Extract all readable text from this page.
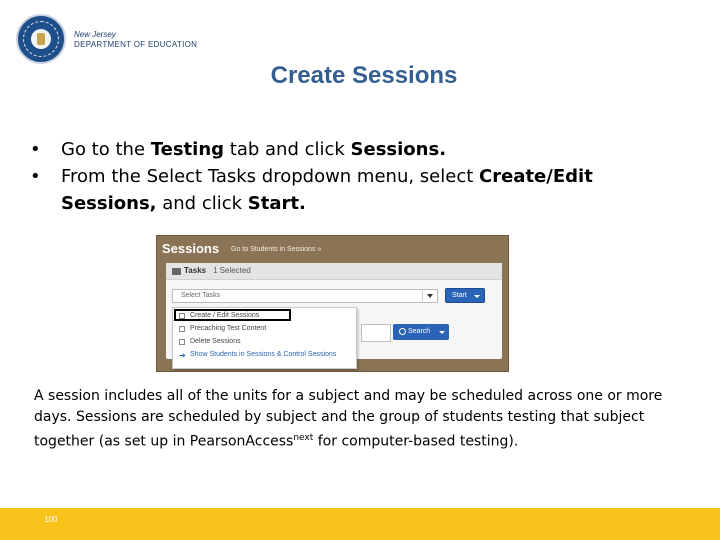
New Jersey
DEPARTMENT OF EDUCATION
Create Sessions
• Go to the Testing tab and click Sessions.
• From the Select Tasks dropdown menu, select Create/Edit Sessions, and click Start.
Sessions Go to Students in Sessions »
Tasks 1 Selected
Select Tasks	Start
Search
Create / Edit Sessions
Precaching Test Content
Delete Sessions
➔ Show Students in Sessions & Control Sessions

A session includes all of the units for a subject and may be scheduled across one or more days. Sessions are scheduled by subject and the group of students testing that subject together (as set up in PearsonAccess$^{next}$ for computer-based testing).

100
